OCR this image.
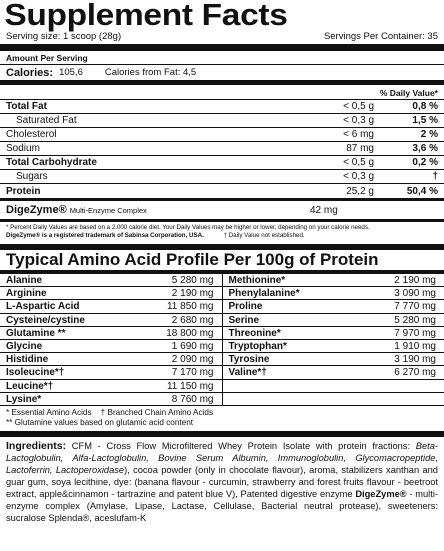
Supplement Facts
Serving size: 1 scoop (28g)	Servings Per Container: 35
Amount Per Serving
Calories: 105,6 Calories from Fat: 4,5
% Daily Value*
Total Fat	< 0,5 g	0,8 %
Saturated Fat	< 0,3 g	1,5 %
Cholesterol	< 6 mg	2 %
Sodium	87 mg	3,6 %
Total Carbohydrate	< 0,5 g	0,2 %
Sugars	< 0,3 g	†
Protein	25,2 g	50,4 %
DigeZyme® Multi-Enzyme Complex	42 mg
* Percent Daily Values are based on a 2.000 calorie diet. Your Daily Values may be higher or lower, depending on your calorie needs.
DigeZyme® is a registered trademark of Sabinsa Corporation, USA.	† Daily Value not established.
Typical Amino Acid Profile Per 100g of Protein
Alanine	5 280 mg
Arginine	2 190 mg
L-Aspartic Acid	11 850 mg
Cysteine/cystine	2 680 mg
Glutamine **	18 800 mg
Glycine	1 690 mg
Histidine	2 090 mg
Isoleucine*†	7 170 mg
Leucine*†	11 150 mg
Lysine*	8 760 mg
Methionine*	2 190 mg
Phenylalanine*	3 090 mg
Proline	7 770 mg
Serine	5 280 mg
Threonine*	7 970 mg
Tryptophan*	1 910 mg
Tyrosine	3 190 mg
Valine*†	6 270 mg
* Essential Amino Acids    † Branched Chain Amino Acids
** Glutamine values based on glutamic acid content
Ingredients: CFM - Cross Flow Microfiltered Whey Protein Isolate with protein fractions: Beta-Lactoglobulin, Alfa-Lactoglobulin, Bovine Serum Albumin, Immunoglobulin, Glycomacropeptide, Lactoferrin, Lactoperoxidase), cocoa powder (only in chocolate flavour), aroma, stabilizers xanthan and guar gum, soya lecithine, dye: (banana flavour - curcumin, strawberry and forest fruits flavour - beetroot extract, apple&cinnamon - tartrazine and patent blue V), Patented digestive enzyme DigeZyme® - multi-enzyme complex (Amylase, Lipase, Lactase, Cellulase, Bacterial neutral protease), sweeteners: sucralose Splenda®, aceslufam-K
